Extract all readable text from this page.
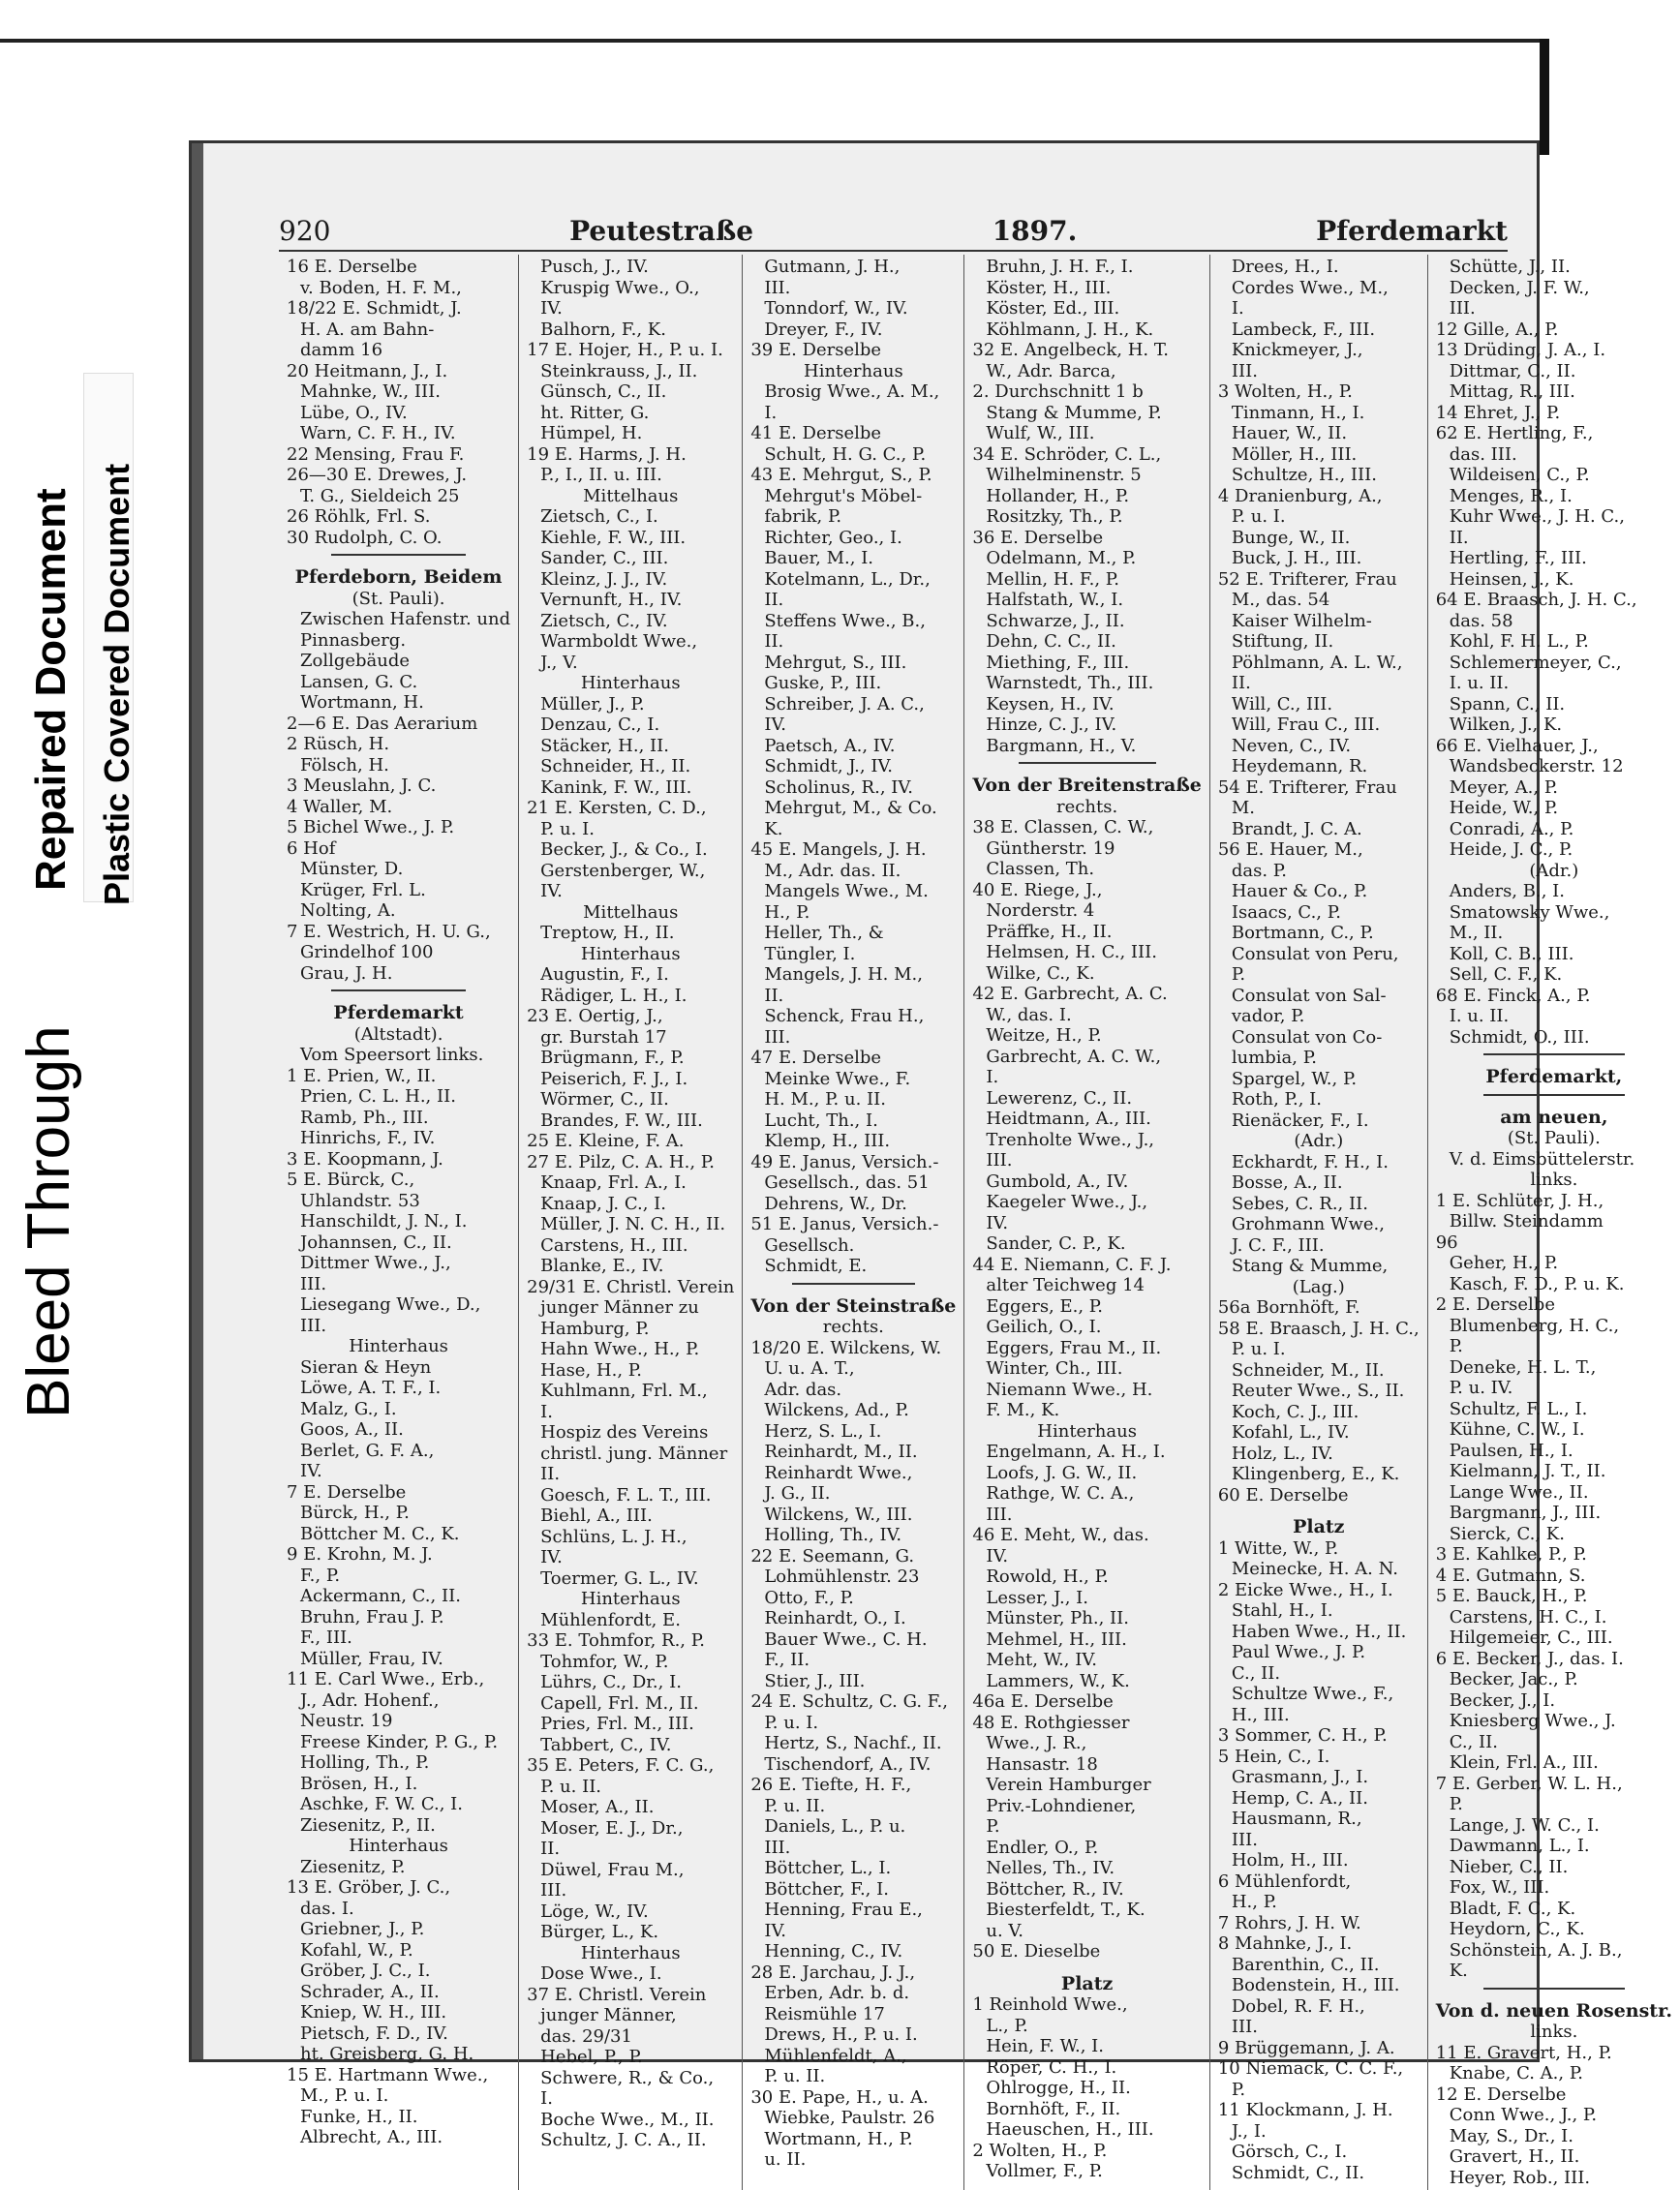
Bleed Through
Repaired Document Plastic Covered Document
920	Peutestraße	1897.	Pferdemarkt
16 E. Derselbe
v. Boden, H. F. M.,
18/22 E. Schmidt, J.
H. A. am Bahn-
damm 16
20 Heitmann, J., I.
Mahnke, W., III.
Lübe, O., IV.
Warn, C. F. H., IV.
22 Mensing, Frau F.
26—30 E. Drewes, J.
T. G., Sieldeich 25
26 Röhlk, Frl. S.
30 Rudolph, C. O.
Pferdeborn, Beidem
(St. Pauli).
Zwischen Hafenstr. und
Pinnasberg.
Zollgebäude
Lansen, G. C.
Wortmann, H.
2—6 E. Das Aerarium
2 Rüsch, H.
Fölsch, H.
3 Meuslahn, J. C.
4 Waller, M.
5 Bichel Wwe., J. P.
6 Hof
Münster, D.
Krüger, Frl. L.
Nolting, A.
7 E. Westrich, H. U. G.,
Grindelhof 100
Grau, J. H.
Pferdemarkt
(Altstadt).
Vom Speersort links.
1 E. Prien, W., II.
Prien, C. L. H., II.
Ramb, Ph., III.
Hinrichs, F., IV.
3 E. Koopmann, J.
5 E. Bürck, C.,
Uhlandstr. 53
Hanschildt, J. N., I.
Johannsen, C., II.
Dittmer Wwe., J.,
III.
Liesegang Wwe., D.,
III.
Hinterhaus
Sieran & Heyn
Löwe, A. T. F., I.
Malz, G., I.
Goos, A., II.
Berlet, G. F. A.,
IV.
7 E. Derselbe
Bürck, H., P.
Böttcher M. C., K.
9 E. Krohn, M. J.
F., P.
Ackermann, C., II.
Bruhn, Frau J. P.
F., III.
Müller, Frau, IV.
11 E. Carl Wwe., Erb.,
J., Adr. Hohenf.,
Neustr. 19
Freese Kinder, P. G., P.
Holling, Th., P.
Brösen, H., I.
Aschke, F. W. C., I.
Ziesenitz, P., II.
Hinterhaus
Ziesenitz, P.
13 E. Gröber, J. C.,
das. I.
Griebner, J., P.
Kofahl, W., P.
Gröber, J. C., I.
Schrader, A., II.
Kniep, W. H., III.
Pietsch, F. D., IV.
ht. Greisberg, G. H.
15 E. Hartmann Wwe.,
M., P. u. I.
Funke, H., II.
Albrecht, A., III.
Pusch, J., IV.
Kruspig Wwe., O.,
IV.
Balhorn, F., K.
17 E. Hojer, H., P. u. I.
Steinkrauss, J., II.
Günsch, C., II.
ht. Ritter, G.
Hümpel, H.
19 E. Harms, J. H.
P., I., II. u. III.
Mittelhaus
Zietsch, C., I.
Kiehle, F. W., III.
Sander, C., III.
Kleinz, J. J., IV.
Vernunft, H., IV.
Zietsch, C., IV.
Warmboldt Wwe.,
J., V.
Hinterhaus
Müller, J., P.
Denzau, C., I.
Stäcker, H., II.
Schneider, H., II.
Kanink, F. W., III.
21 E. Kersten, C. D.,
P. u. I.
Becker, J., & Co., I.
Gerstenberger, W.,
IV.
Mittelhaus
Treptow, H., II.
Hinterhaus
Augustin, F., I.
Rädiger, L. H., I.
23 E. Oertig, J.,
gr. Burstah 17
Brügmann, F., P.
Peiserich, F. J., I.
Wörmer, C., II.
Brandes, F. W., III.
25 E. Kleine, F. A.
27 E. Pilz, C. A. H., P.
Knaap, Frl. A., I.
Knaap, J. C., I.
Müller, J. N. C. H., II.
Carstens, H., III.
Blanke, E., IV.
29/31 E. Christl. Verein
junger Männer zu
Hamburg, P.
Hahn Wwe., H., P.
Hase, H., P.
Kuhlmann, Frl. M.,
I.
Hospiz des Vereins
christl. jung. Männer
II.
Goesch, F. L. T., III.
Biehl, A., III.
Schlüns, L. J. H.,
IV.
Toermer, G. L., IV.
Hinterhaus
Mühlenfordt, E.
33 E. Tohmfor, R., P.
Tohmfor, W., P.
Lührs, C., Dr., I.
Capell, Frl. M., II.
Pries, Frl. M., III.
Tabbert, C., IV.
35 E. Peters, F. C. G.,
P. u. II.
Moser, A., II.
Moser, E. J., Dr.,
II.
Düwel, Frau M.,
III.
Löge, W., IV.
Bürger, L., K.
Hinterhaus
Dose Wwe., I.
37 E. Christl. Verein
junger Männer,
das. 29/31
Hebel, P., P.
Schwere, R., & Co.,
I.
Boche Wwe., M., II.
Schultz, J. C. A., II.
Gutmann, J. H.,
III.
Tonndorf, W., IV.
Dreyer, F., IV.
39 E. Derselbe
Hinterhaus
Brosig Wwe., A. M.,
I.
41 E. Derselbe
Schult, H. G. C., P.
43 E. Mehrgut, S., P.
Mehrgut's Möbel-
fabrik, P.
Richter, Geo., I.
Bauer, M., I.
Kotelmann, L., Dr.,
II.
Steffens Wwe., B.,
II.
Mehrgut, S., III.
Guske, P., III.
Schreiber, J. A. C.,
IV.
Paetsch, A., IV.
Schmidt, J., IV.
Scholinus, R., IV.
Mehrgut, M., & Co.
K.
45 E. Mangels, J. H.
M., Adr. das. II.
Mangels Wwe., M.
H., P.
Heller, Th., &
Tüngler, I.
Mangels, J. H. M.,
II.
Schenck, Frau H.,
III.
47 E. Derselbe
Meinke Wwe., F.
H. M., P. u. II.
Lucht, Th., I.
Klemp, H., III.
49 E. Janus, Versich.-
Gesellsch., das. 51
Dehrens, W., Dr.
51 E. Janus, Versich.-
Gesellsch.
Schmidt, E.
Von der Steinstraße
rechts.
18/20 E. Wilckens, W.
U. u. A. T.,
Adr. das.
Wilckens, Ad., P.
Herz, S. L., I.
Reinhardt, M., II.
Reinhardt Wwe.,
J. G., II.
Wilckens, W., III.
Holling, Th., IV.
22 E. Seemann, G.
Lohmühlenstr. 23
Otto, F., P.
Reinhardt, O., I.
Bauer Wwe., C. H.
F., II.
Stier, J., III.
24 E. Schultz, C. G. F.,
P. u. I.
Hertz, S., Nachf., II.
Tischendorf, A., IV.
26 E. Tiefte, H. F.,
P. u. II.
Daniels, L., P. u.
III.
Böttcher, L., I.
Böttcher, F., I.
Henning, Frau E.,
IV.
Henning, C., IV.
28 E. Jarchau, J. J.,
Erben, Adr. b. d.
Reismühle 17
Drews, H., P. u. I.
Mühlenfeldt, A.,
P. u. II.
30 E. Pape, H., u. A.
Wiebke, Paulstr. 26
Wortmann, H., P.
u. II.
Bruhn, J. H. F., I.
Köster, H., III.
Köster, Ed., III.
Köhlmann, J. H., K.
32 E. Angelbeck, H. T.
W., Adr. Barca,
2. Durchschnitt 1 b
Stang & Mumme, P.
Wulf, W., III.
34 E. Schröder, C. L.,
Wilhelminenstr. 5
Hollander, H., P.
Rositzky, Th., P.
36 E. Derselbe
Odelmann, M., P.
Mellin, H. F., P.
Halfstath, W., I.
Schwarze, J., II.
Dehn, C. C., II.
Miething, F., III.
Warnstedt, Th., III.
Keysen, H., IV.
Hinze, C. J., IV.
Bargmann, H., V.
Von der Breitenstraße
rechts.
38 E. Classen, C. W.,
Güntherstr. 19
Classen, Th.
40 E. Riege, J.,
Norderstr. 4
Präffke, H., II.
Helmsen, H. C., III.
Wilke, C., K.
42 E. Garbrecht, A. C.
W., das. I.
Weitze, H., P.
Garbrecht, A. C. W.,
I.
Lewerenz, C., II.
Heidtmann, A., III.
Trenholte Wwe., J.,
III.
Gumbold, A., IV.
Kaegeler Wwe., J.,
IV.
Sander, C. P., K.
44 E. Niemann, C. F. J.
alter Teichweg 14
Eggers, E., P.
Geilich, O., I.
Eggers, Frau M., II.
Winter, Ch., III.
Niemann Wwe., H.
F. M., K.
Hinterhaus
Engelmann, A. H., I.
Loofs, J. G. W., II.
Rathge, W. C. A.,
III.
46 E. Meht, W., das.
IV.
Rowold, H., P.
Lesser, J., I.
Münster, Ph., II.
Mehmel, H., III.
Meht, W., IV.
Lammers, W., K.
46a E. Derselbe
48 E. Rothgiesser
Wwe., J. R.,
Hansastr. 18
Verein Hamburger
Priv.-Lohndiener,
P.
Endler, O., P.
Nelles, Th., IV.
Böttcher, R., IV.
Biesterfeldt, T., K.
u. V.
50 E. Dieselbe
Platz
1 Reinhold Wwe.,
L., P.
Hein, F. W., I.
Röper, C. H., I.
Ohlrogge, H., II.
Bornhöft, F., II.
Haeuschen, H., III.
2 Wolten, H., P.
Vollmer, F., P.
Drees, H., I.
Cordes Wwe., M.,
I.
Lambeck, F., III.
Knickmeyer, J.,
III.
3 Wolten, H., P.
Tinmann, H., I.
Hauer, W., II.
Möller, H., III.
Schultze, H., III.
4 Dranienburg, A.,
P. u. I.
Bunge, W., II.
Buck, J. H., III.
52 E. Trifterer, Frau
M., das. 54
Kaiser Wilhelm-
Stiftung, II.
Pöhlmann, A. L. W.,
II.
Will, C., III.
Will, Frau C., III.
Neven, C., IV.
Heydemann, R.
54 E. Trifterer, Frau
M.
Brandt, J. C. A.
56 E. Hauer, M.,
das. P.
Hauer & Co., P.
Isaacs, C., P.
Bortmann, C., P.
Consulat von Peru,
P.
Consulat von Sal-
vador, P.
Consulat von Co-
lumbia, P.
Spargel, W., P.
Roth, P., I.
Rienäcker, F., I.
(Adr.)
Eckhardt, F. H., I.
Bosse, A., II.
Sebes, C. R., II.
Grohmann Wwe.,
J. C. F., III.
Stang & Mumme,
(Lag.)
56a Bornhöft, F.
58 E. Braasch, J. H. C.,
P. u. I.
Schneider, M., II.
Reuter Wwe., S., II.
Koch, C. J., III.
Kofahl, L., IV.
Holz, L., IV.
Klingenberg, E., K.
60 E. Derselbe
Platz
1 Witte, W., P.
Meinecke, H. A. N.
2 Eicke Wwe., H., I.
Stahl, H., I.
Haben Wwe., H., II.
Paul Wwe., J. P.
C., II.
Schultze Wwe., F.,
H., III.
3 Sommer, C. H., P.
5 Hein, C., I.
Grasmann, J., I.
Hemp, C. A., II.
Hausmann, R.,
III.
Holm, H., III.
6 Mühlenfordt,
H., P.
7 Rohrs, J. H. W.
8 Mahnke, J., I.
Barenthin, C., II.
Bodenstein, H., III.
Dobel, R. F. H.,
III.
9 Brüggemann, J. A.
10 Niemack, C. C. F.,
P.
11 Klockmann, J. H.
J., I.
Görsch, C., I.
Schmidt, C., II.
Schütte, J., II.
Decken, J. F. W.,
III.
12 Gille, A., P.
13 Drüding, J. A., I.
Dittmar, C., II.
Mittag, R., III.
14 Ehret, J., P.
62 E. Hertling, F.,
das. III.
Wildeisen, C., P.
Menges, R., I.
Kuhr Wwe., J. H. C.,
II.
Hertling, F., III.
Heinsen, J., K.
64 E. Braasch, J. H. C.,
das. 58
Kohl, F. H. L., P.
Schlemermeyer, C.,
I. u. II.
Spann, C., II.
Wilken, J., K.
66 E. Vielhauer, J.,
Wandsbeckerstr. 12
Meyer, A., P.
Heide, W., P.
Conradi, A., P.
Heide, J. C., P.
(Adr.)
Anders, B., I.
Smatowsky Wwe.,
M., II.
Koll, C. B., III.
Sell, C. F., K.
68 E. Finck, A., P.
I. u. II.
Schmidt, O., III.
Pferdemarkt,
am neuen,
(St. Pauli).
V. d. Eimsbüttelerstr.
links.
1 E. Schlüter, J. H.,
Billw. Steindamm
96
Geher, H., P.
Kasch, F. D., P. u. K.
2 E. Derselbe
Blumenberg, H. C.,
P.
Deneke, H. L. T.,
P. u. IV.
Schultz, F. L., I.
Kühne, C. W., I.
Paulsen, H., I.
Kielmann, J. T., II.
Lange Wwe., II.
Bargmann, J., III.
Sierck, C., K.
3 E. Kahlke, P., P.
4 E. Gutmann, S.
5 E. Bauck, H., P.
Carstens, H. C., I.
Hilgemeier, C., III.
6 E. Becker, J., das. I.
Becker, Jac., P.
Becker, J., I.
Kniesberg Wwe., J.
C., II.
Klein, Frl. A., III.
7 E. Gerber, W. L. H.,
P.
Lange, J. W. C., I.
Dawmann, L., I.
Nieber, C., II.
Fox, W., III.
Bladt, F. C., K.
Heydorn, C., K.
Schönstein, A. J. B.,
K.
Von d. neuen Rosenstr.
links.
11 E. Gravert, H., P.
Knabe, C. A., P.
12 E. Derselbe
Conn Wwe., J., P.
May, S., Dr., I.
Gravert, H., II.
Heyer, Rob., III.
